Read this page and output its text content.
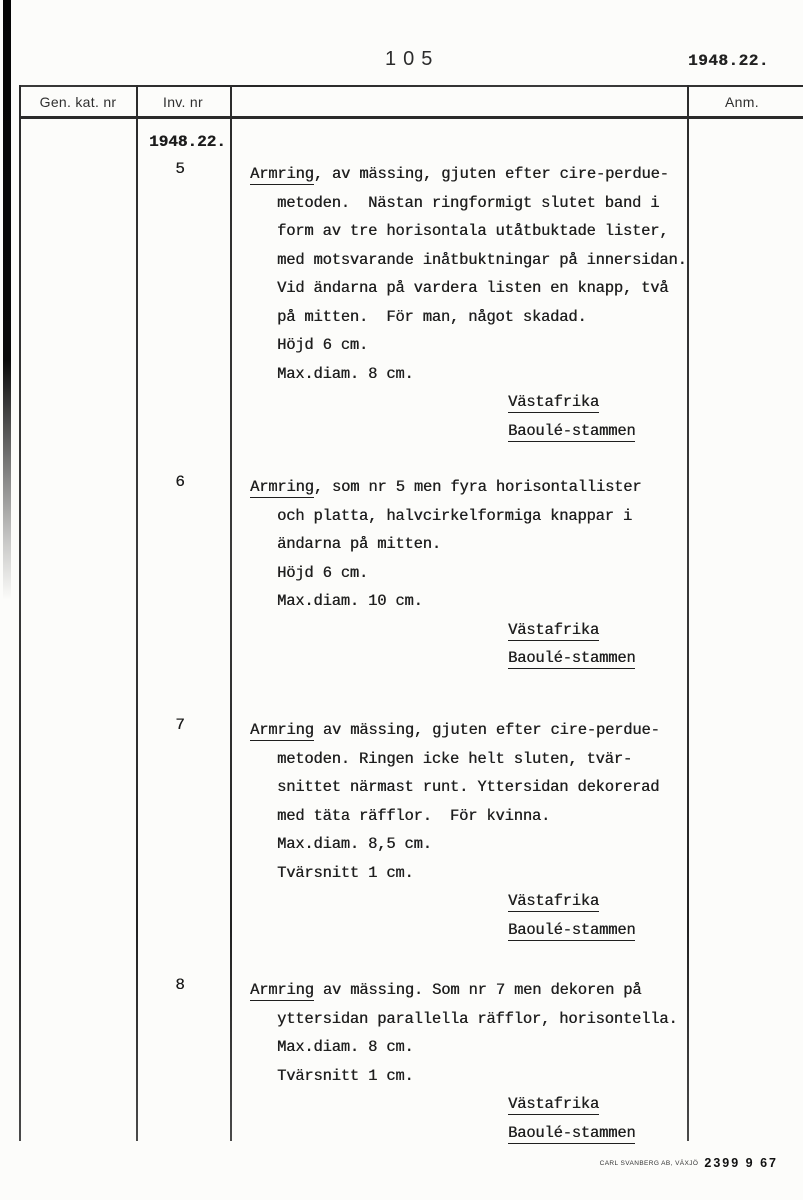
105	1948.22.
Gen. kat. nr	Inv. nr	Anm.
1948.22.
5	Armring, av mässing, gjuten efter cire-perdue-
metoden.  Nästan ringformigt slutet band i
form av tre horisontala utåtbuktade lister,
med motsvarande inåtbuktningar på innersidan.
Vid ändarna på vardera listen en knapp, två
på mitten.  För man, något skadad.
Höjd 6 cm.
Max.diam. 8 cm.
Västafrika
Baoulé-stammen
6	Armring, som nr 5 men fyra horisontallister
och platta, halvcirkelformiga knappar i
ändarna på mitten.
Höjd 6 cm.
Max.diam. 10 cm.
Västafrika
Baoulé-stammen
7	Armring av mässing, gjuten efter cire-perdue-
metoden. Ringen icke helt sluten, tvär-
snittet närmast runt. Yttersidan dekorerad
med täta räfflor.  För kvinna.
Max.diam. 8,5 cm.
Tvärsnitt 1 cm.
Västafrika
Baoulé-stammen
8	Armring av mässing. Som nr 7 men dekoren på
yttersidan parallella räfflor, horisontella.
Max.diam. 8 cm.
Tvärsnitt 1 cm.
Västafrika
Baoulé-stammen
CARL SVANBERG AB, VÄXJÖ 2399 9 67
